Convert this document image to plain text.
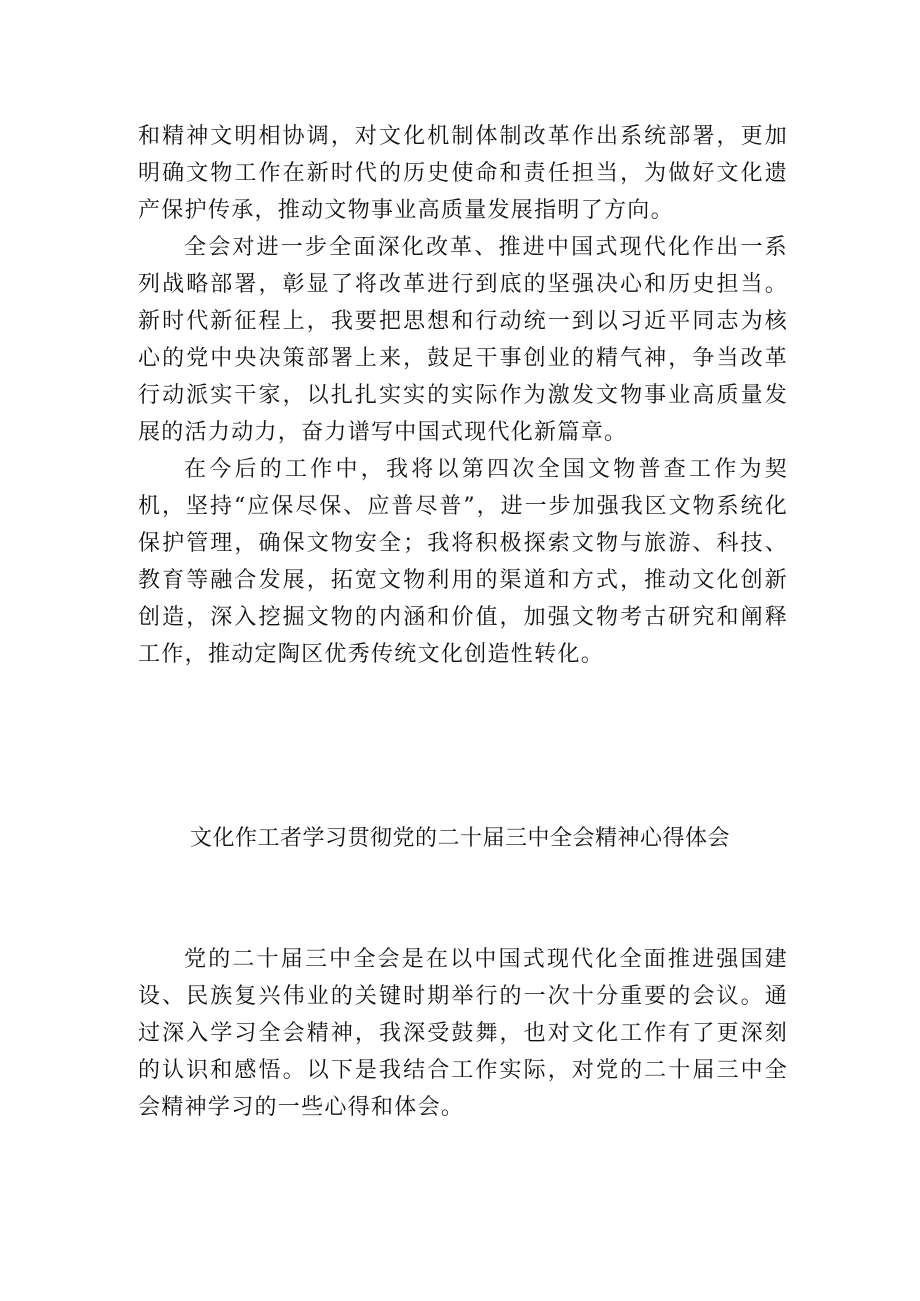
和精神文明相协调，对文化机制体制改革作出系统部署，更加明确文物工作在新时代的历史使命和责任担当，为做好文化遗产保护传承，推动文物事业高质量发展指明了方向。

全会对进一步全面深化改革、推进中国式现代化作出一系列战略部署，彰显了将改革进行到底的坚强决心和历史担当。新时代新征程上，我要把思想和行动统一到以习近平同志为核心的党中央决策部署上来，鼓足干事创业的精气神，争当改革行动派实干家，以扎扎实实的实际作为激发文物事业高质量发展的活力动力，奋力谱写中国式现代化新篇章。

在今后的工作中，我将以第四次全国文物普查工作为契机，坚持“应保尽保、应普尽普”，进一步加强我区文物系统化保护管理，确保文物安全；我将积极探索文物与旅游、科技、教育等融合发展，拓宽文物利用的渠道和方式，推动文化创新创造，深入挖掘文物的内涵和价值，加强文物考古研究和阐释工作，推动定陶区优秀传统文化创造性转化。

文化作工者学习贯彻党的二十届三中全会精神心得体会

党的二十届三中全会是在以中国式现代化全面推进强国建设、民族复兴伟业的关键时期举行的一次十分重要的会议。通过深入学习全会精神，我深受鼓舞，也对文化工作有了更深刻的认识和感悟。以下是我结合工作实际，对党的二十届三中全会精神学习的一些心得和体会。
